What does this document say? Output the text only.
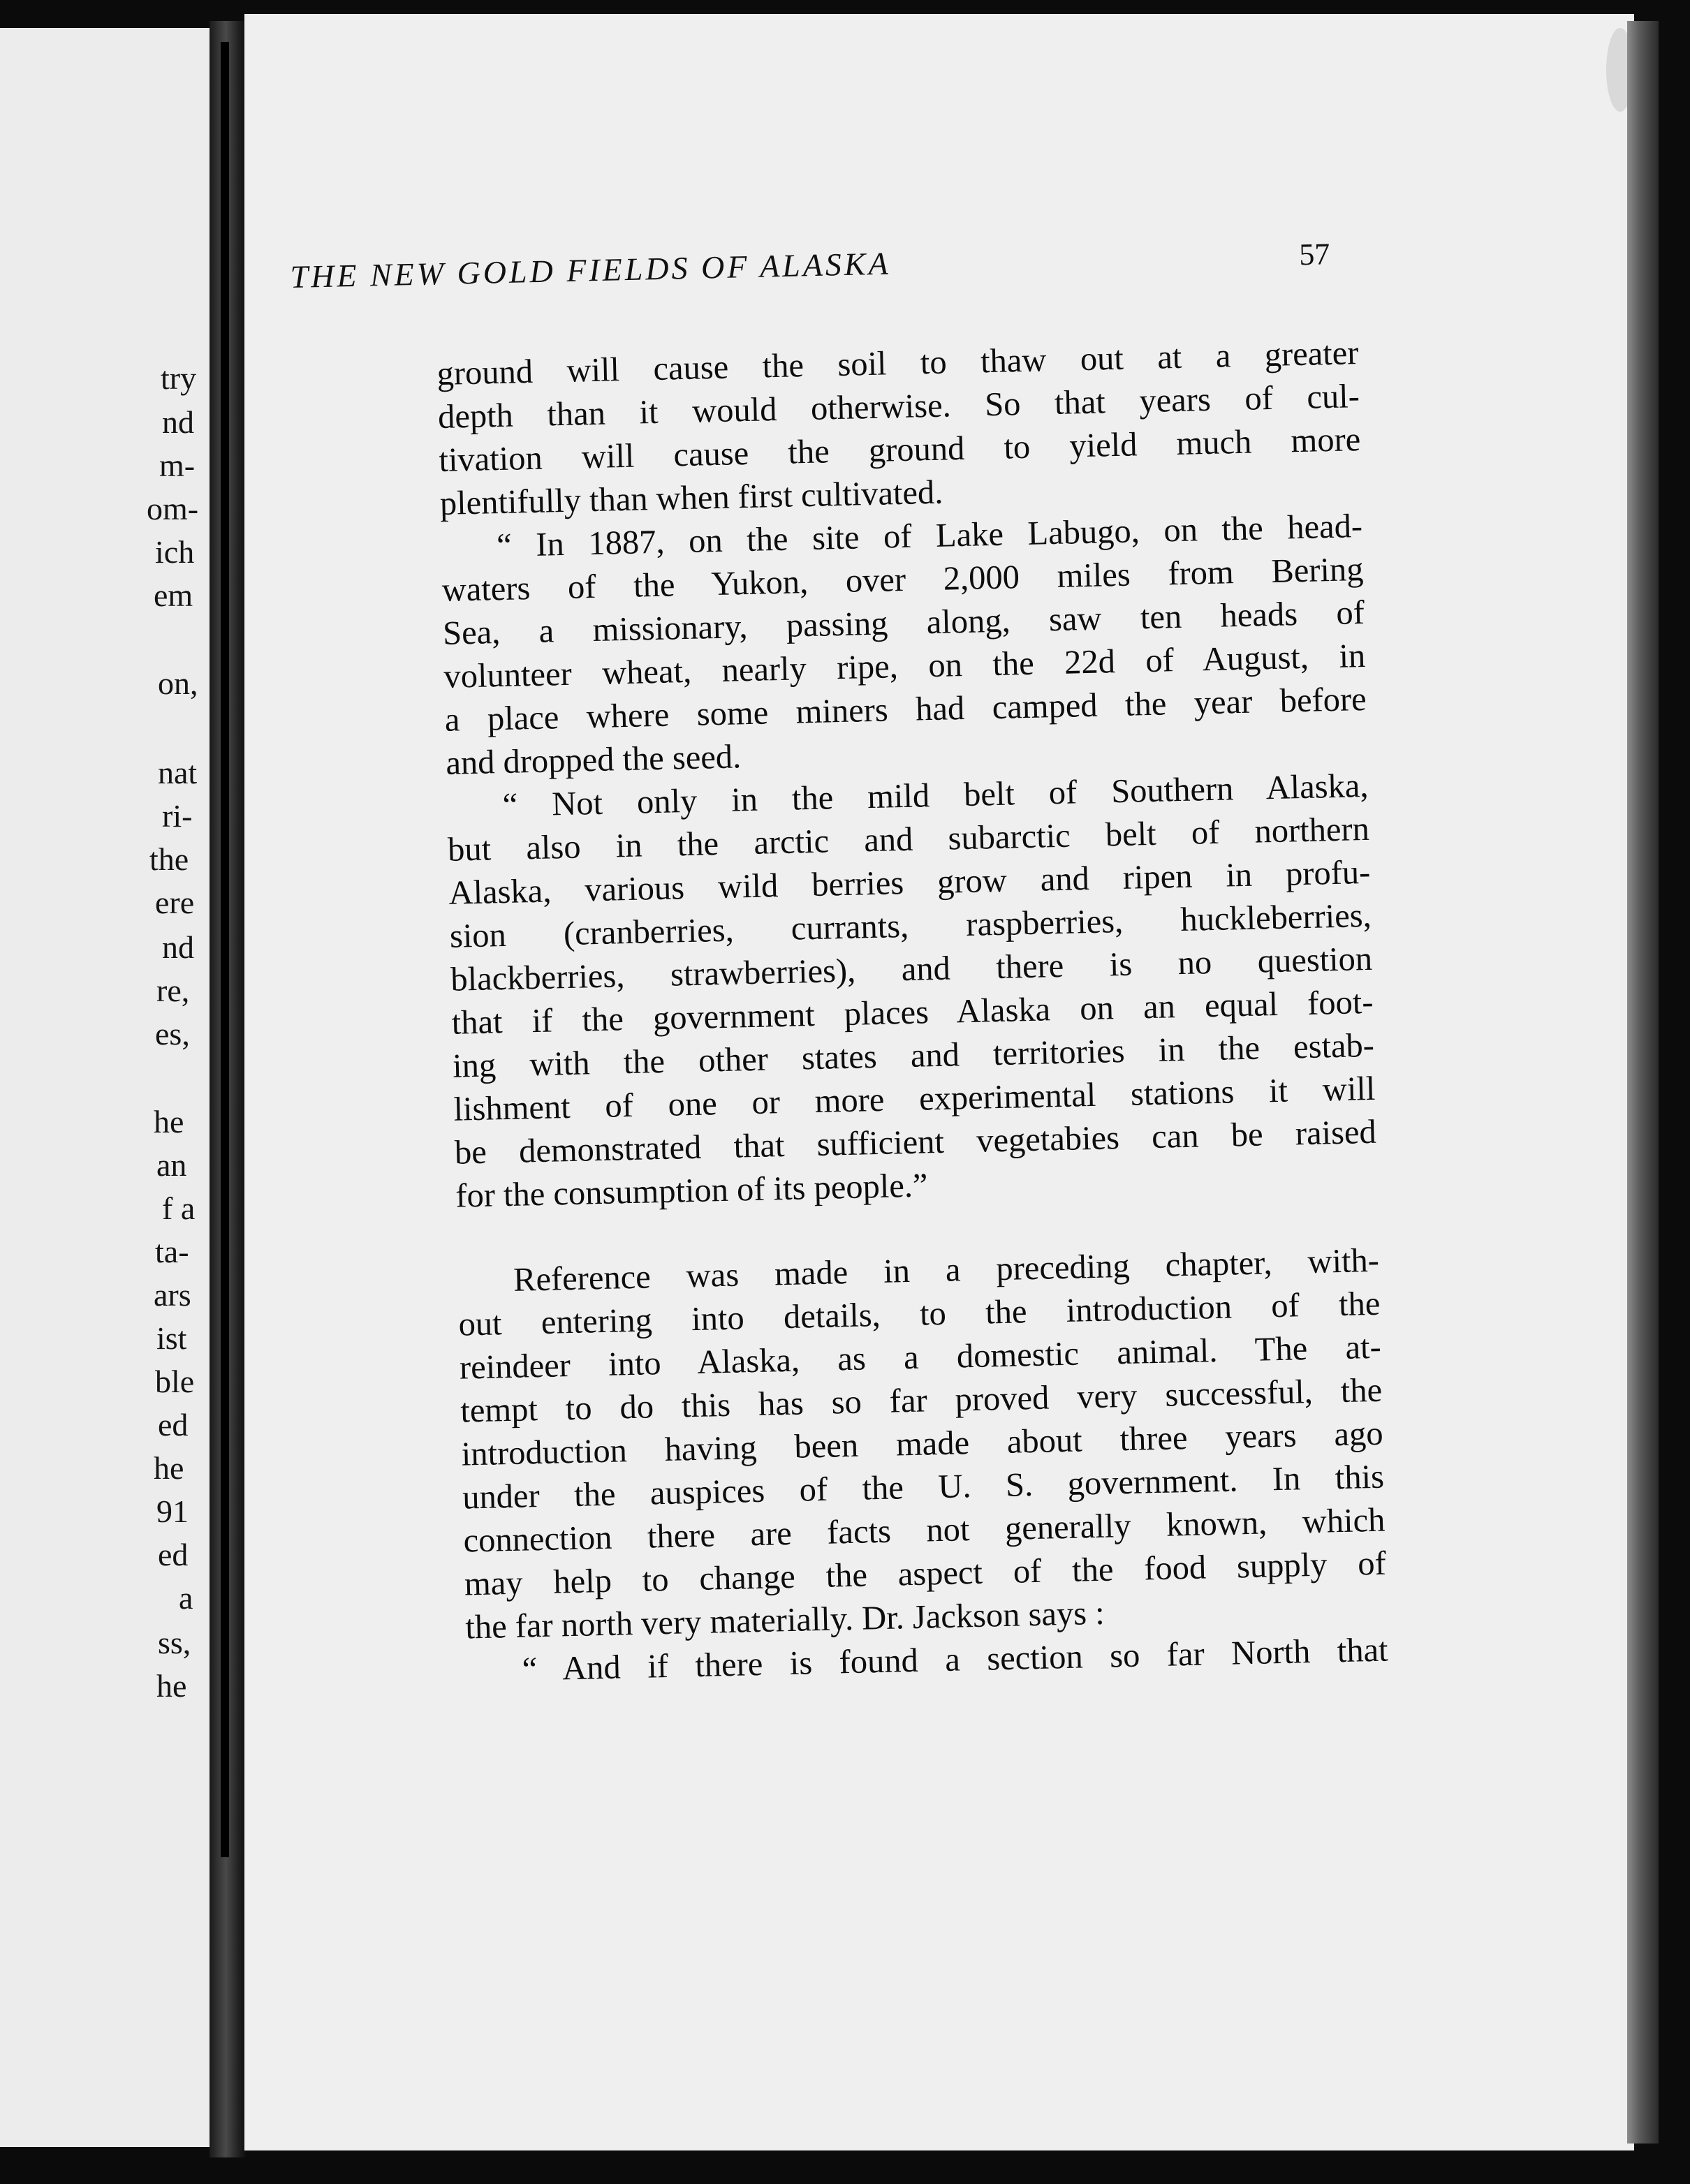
try
nd
m-
om-
ich
em
on,
nat
ri-
the
ere
nd
re,
es,
he
an
f a
ta-
ars
ist
ble
ed
he
91
ed
a
ss,
he
THE NEW GOLD FIELDS OF ALASKA	57
ground will cause the soil to thaw out at a greater
depth than it would otherwise. So that years of cul-
tivation will cause the ground to yield much more
plentifully than when first cultivated.
“ In 1887, on the site of Lake Labugo, on the head-
waters of the Yukon, over 2,000 miles from Bering
Sea, a missionary, passing along, saw ten heads of
volunteer wheat, nearly ripe, on the 22d of August, in
a place where some miners had camped the year before
and dropped the seed.
“ Not only in the mild belt of Southern Alaska,
but also in the arctic and subarctic belt of northern
Alaska, various wild berries grow and ripen in profu-
sion (cranberries, currants, raspberries, huckleberries,
blackberries, strawberries), and there is no question
that if the government places Alaska on an equal foot-
ing with the other states and territories in the estab-
lishment of one or more experimental stations it will
be demonstrated that sufficient vegetabies can be raised
for the consumption of its people.”
Reference was made in a preceding chapter, with-
out entering into details, to the introduction of the
reindeer into Alaska, as a domestic animal. The at-
tempt to do this has so far proved very successful, the
introduction having been made about three years ago
under the auspices of the U. S. government. In this
connection there are facts not generally known, which
may help to change the aspect of the food supply of
the far north very materially. Dr. Jackson says :
“ And if there is found a section so far North that
